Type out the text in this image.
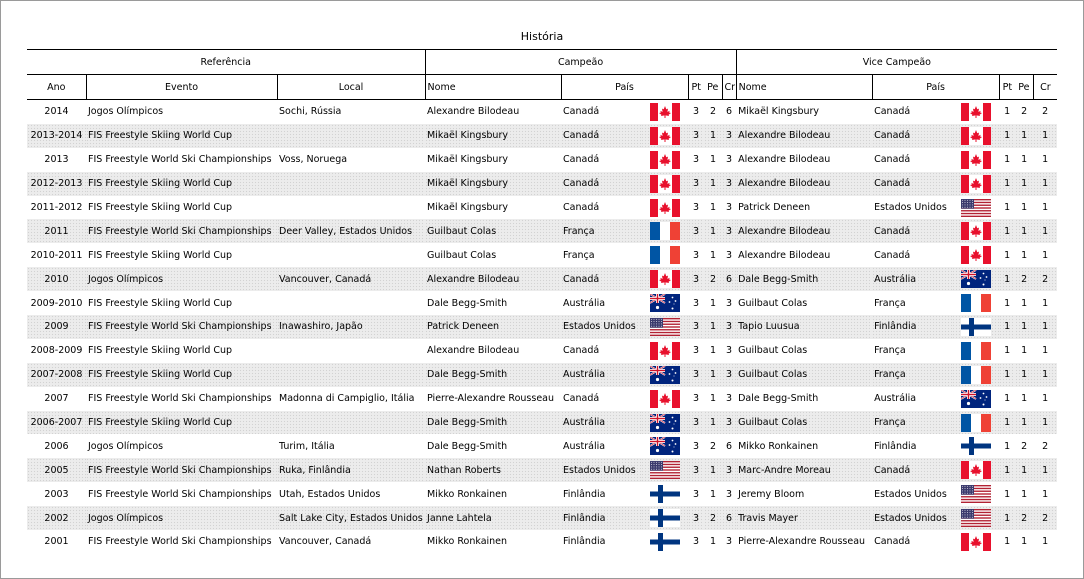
História
Referência			Campeão						Vice Campeão					
Ano	Evento	Local	Nome	País		Pt	Pe	Cr	Nome	País		Pt	Pe	Cr
2014	Jogos Olímpicos	Sochi, Rússia	Alexandre Bilodeau	Canadá		3	2	6	Mikaël Kingsbury	Canadá		1	2	2
2013-2014	FIS Freestyle Skiing World Cup		Mikaël Kingsbury	Canadá		3	1	3	Alexandre Bilodeau	Canadá		1	1	1
2013	FIS Freestyle World Ski Championships	Voss, Noruega	Mikaël Kingsbury	Canadá		3	1	3	Alexandre Bilodeau	Canadá		1	1	1
2012-2013	FIS Freestyle Skiing World Cup		Mikaël Kingsbury	Canadá		3	1	3	Alexandre Bilodeau	Canadá		1	1	1
2011-2012	FIS Freestyle Skiing World Cup		Mikaël Kingsbury	Canadá		3	1	3	Patrick Deneen	Estados Unidos		1	1	1
2011	FIS Freestyle World Ski Championships	Deer Valley, Estados Unidos	Guilbaut Colas	França		3	1	3	Alexandre Bilodeau	Canadá		1	1	1
2010-2011	FIS Freestyle Skiing World Cup		Guilbaut Colas	França		3	1	3	Alexandre Bilodeau	Canadá		1	1	1
2010	Jogos Olímpicos	Vancouver, Canadá	Alexandre Bilodeau	Canadá		3	2	6	Dale Begg-Smith	Austrália		1	2	2
2009-2010	FIS Freestyle Skiing World Cup		Dale Begg-Smith	Austrália		3	1	3	Guilbaut Colas	França		1	1	1
2009	FIS Freestyle World Ski Championships	Inawashiro, Japão	Patrick Deneen	Estados Unidos		3	1	3	Tapio Luusua	Finlândia		1	1	1
2008-2009	FIS Freestyle Skiing World Cup		Alexandre Bilodeau	Canadá		3	1	3	Guilbaut Colas	França		1	1	1
2007-2008	FIS Freestyle Skiing World Cup		Dale Begg-Smith	Austrália		3	1	3	Guilbaut Colas	França		1	1	1
2007	FIS Freestyle World Ski Championships	Madonna di Campiglio, Itália	Pierre-Alexandre Rousseau	Canadá		3	1	3	Dale Begg-Smith	Austrália		1	1	1
2006-2007	FIS Freestyle Skiing World Cup		Dale Begg-Smith	Austrália		3	1	3	Guilbaut Colas	França		1	1	1
2006	Jogos Olímpicos	Turim, Itália	Dale Begg-Smith	Austrália		3	2	6	Mikko Ronkainen	Finlândia		1	2	2
2005	FIS Freestyle World Ski Championships	Ruka, Finlândia	Nathan Roberts	Estados Unidos		3	1	3	Marc-Andre Moreau	Canadá		1	1	1
2003	FIS Freestyle World Ski Championships	Utah, Estados Unidos	Mikko Ronkainen	Finlândia		3	1	3	Jeremy Bloom	Estados Unidos		1	1	1
2002	Jogos Olímpicos	Salt Lake City, Estados Unidos	Janne Lahtela	Finlândia		3	2	6	Travis Mayer	Estados Unidos		1	2	2
2001	FIS Freestyle World Ski Championships	Vancouver, Canadá	Mikko Ronkainen	Finlândia		3	1	3	Pierre-Alexandre Rousseau	Canadá		1	1	1
